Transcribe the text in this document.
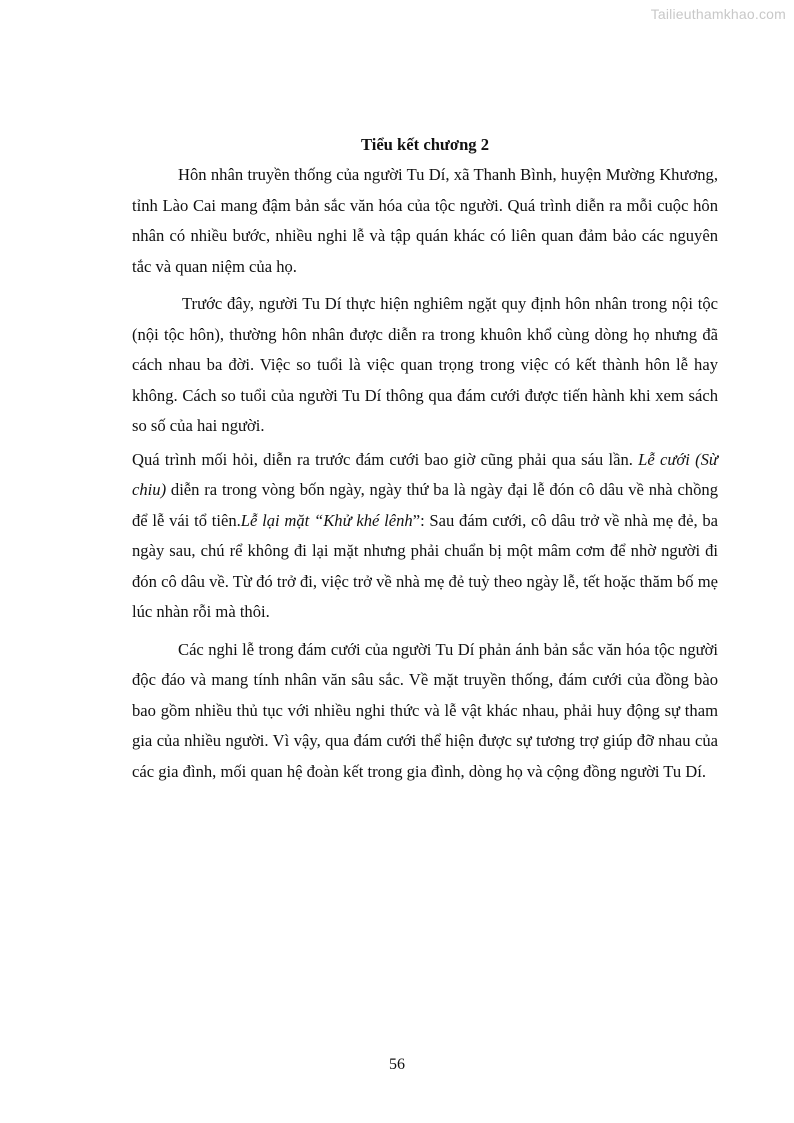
Tailieuthamkhao.com
Tiểu kết chương 2

Hôn nhân truyền thống của người Tu Dí, xã Thanh Bình, huyện Mường Khương, tỉnh Lào Cai mang đậm bản sắc văn hóa của tộc người. Quá trình diễn ra mỗi cuộc hôn nhân có nhiều bước, nhiều nghi lễ và tập quán khác có liên quan đảm bảo các nguyên tắc và quan niệm của họ.

Trước đây, người Tu Dí thực hiện nghiêm ngặt quy định hôn nhân trong nội tộc (nội tộc hôn), thường hôn nhân được diễn ra trong khuôn khổ cùng dòng họ nhưng đã cách nhau ba đời. Việc so tuổi là việc quan trọng trong việc có kết thành hôn lễ hay không. Cách so tuổi của người Tu Dí thông qua đám cưới được tiến hành khi xem sách so số của hai người.

Quá trình mối hỏi, diễn ra trước đám cưới bao giờ cũng phải qua sáu lần. Lễ cưới (Sừ chiu) diễn ra trong vòng bốn ngày, ngày thứ ba là ngày đại lễ đón cô dâu về nhà chồng để lễ vái tổ tiên.Lễ lại mặt “Khử khé lênh”: Sau đám cưới, cô dâu trở về nhà mẹ đẻ, ba ngày sau, chú rể không đi lại mặt nhưng phải chuẩn bị một mâm cơm để nhờ người đi đón cô dâu về. Từ đó trở đi, việc trở về nhà mẹ đẻ tuỳ theo ngày lễ, tết hoặc thăm bố mẹ lúc nhàn rỗi mà thôi.

Các nghi lễ trong đám cưới của người Tu Dí phản ánh bản sắc văn hóa tộc người độc đáo và mang tính nhân văn sâu sắc. Về mặt truyền thống, đám cưới của đồng bào bao gồm nhiều thủ tục với nhiều nghi thức và lễ vật khác nhau, phải huy động sự tham gia của nhiều người. Vì vậy, qua đám cưới thể hiện được sự tương trợ giúp đỡ nhau của các gia đình, mối quan hệ đoàn kết trong gia đình, dòng họ và cộng đồng người Tu Dí.

56
